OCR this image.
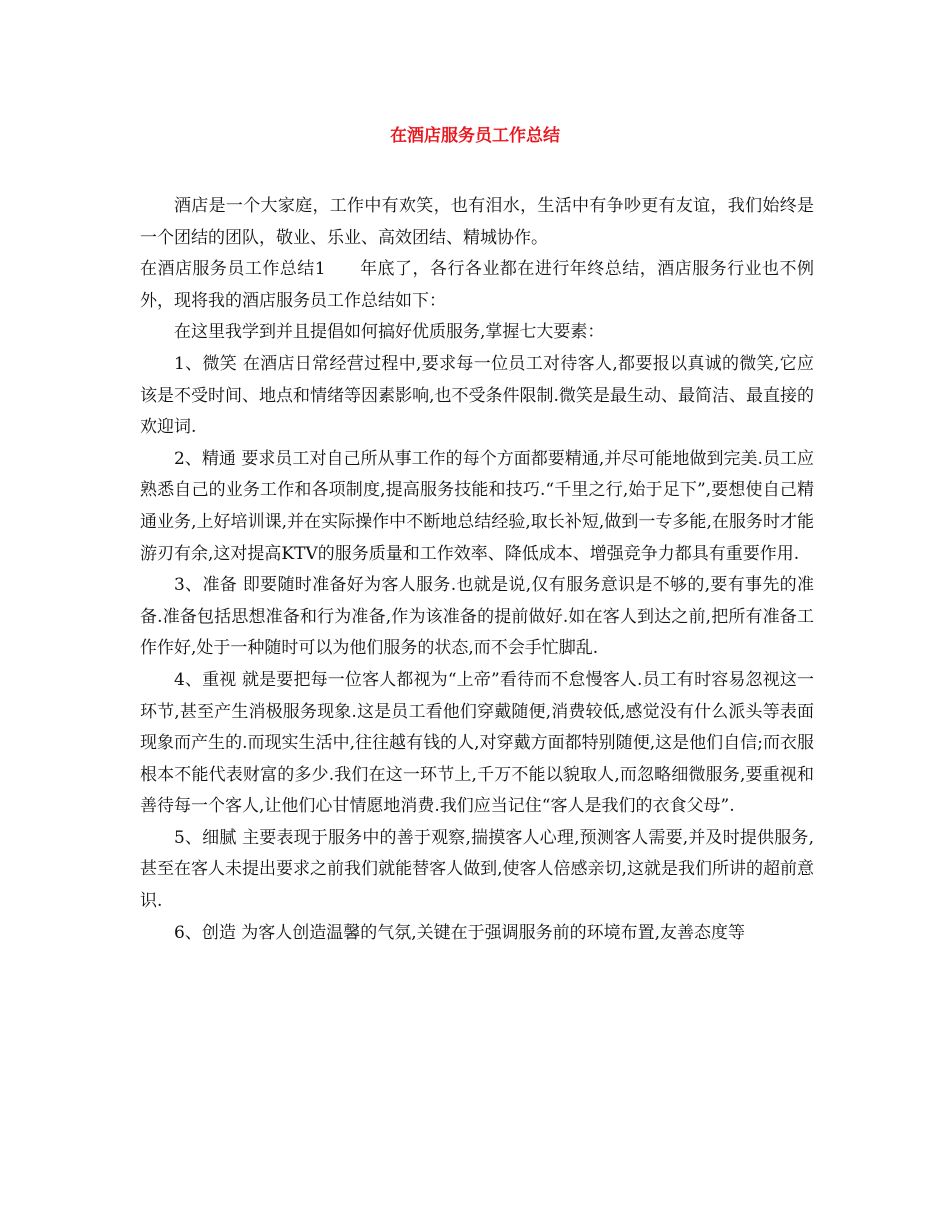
在酒店服务员工作总结

酒店是一个大家庭，工作中有欢笑，也有泪水，生活中有争吵更有友谊，我们始终是一个团结的团队，敬业、乐业、高效团结、精城协作。

在酒店服务员工作总结1 年底了，各行各业都在进行年终总结，酒店服务行业也不例外，现将我的酒店服务员工作总结如下：

在这里我学到并且提倡如何搞好优质服务,掌握七大要素：

1、微笑 在酒店日常经营过程中,要求每一位员工对待客人,都要报以真诚的微笑,它应该是不受时间、地点和情绪等因素影响,也不受条件限制.微笑是最生动、最简洁、最直接的欢迎词.

2、精通 要求员工对自己所从事工作的每个方面都要精通,并尽可能地做到完美.员工应熟悉自己的业务工作和各项制度,提高服务技能和技巧.“千里之行,始于足下”,要想使自己精通业务,上好培训课,并在实际操作中不断地总结经验,取长补短,做到一专多能,在服务时才能游刃有余,这对提高KTV的服务质量和工作效率、降低成本、增强竞争力都具有重要作用.

3、准备 即要随时准备好为客人服务.也就是说,仅有服务意识是不够的,要有事先的准备.准备包括思想准备和行为准备,作为该准备的提前做好.如在客人到达之前,把所有准备工作作好,处于一种随时可以为他们服务的状态,而不会手忙脚乱.

4、重视 就是要把每一位客人都视为“上帝”看待而不怠慢客人.员工有时容易忽视这一环节,甚至产生消极服务现象.这是员工看他们穿戴随便,消费较低,感觉没有什么派头等表面现象而产生的.而现实生活中,往往越有钱的人,对穿戴方面都特别随便,这是他们自信;而衣服根本不能代表财富的多少.我们在这一环节上,千万不能以貌取人,而忽略细微服务,要重视和善待每一个客人,让他们心甘情愿地消费.我们应当记住“客人是我们的衣食父母”.

5、细腻 主要表现于服务中的善于观察,揣摸客人心理,预测客人需要,并及时提供服务,甚至在客人未提出要求之前我们就能替客人做到,使客人倍感亲切,这就是我们所讲的超前意识.

6、创造 为客人创造温馨的气氛,关键在于强调服务前的环境布置,友善态度等
